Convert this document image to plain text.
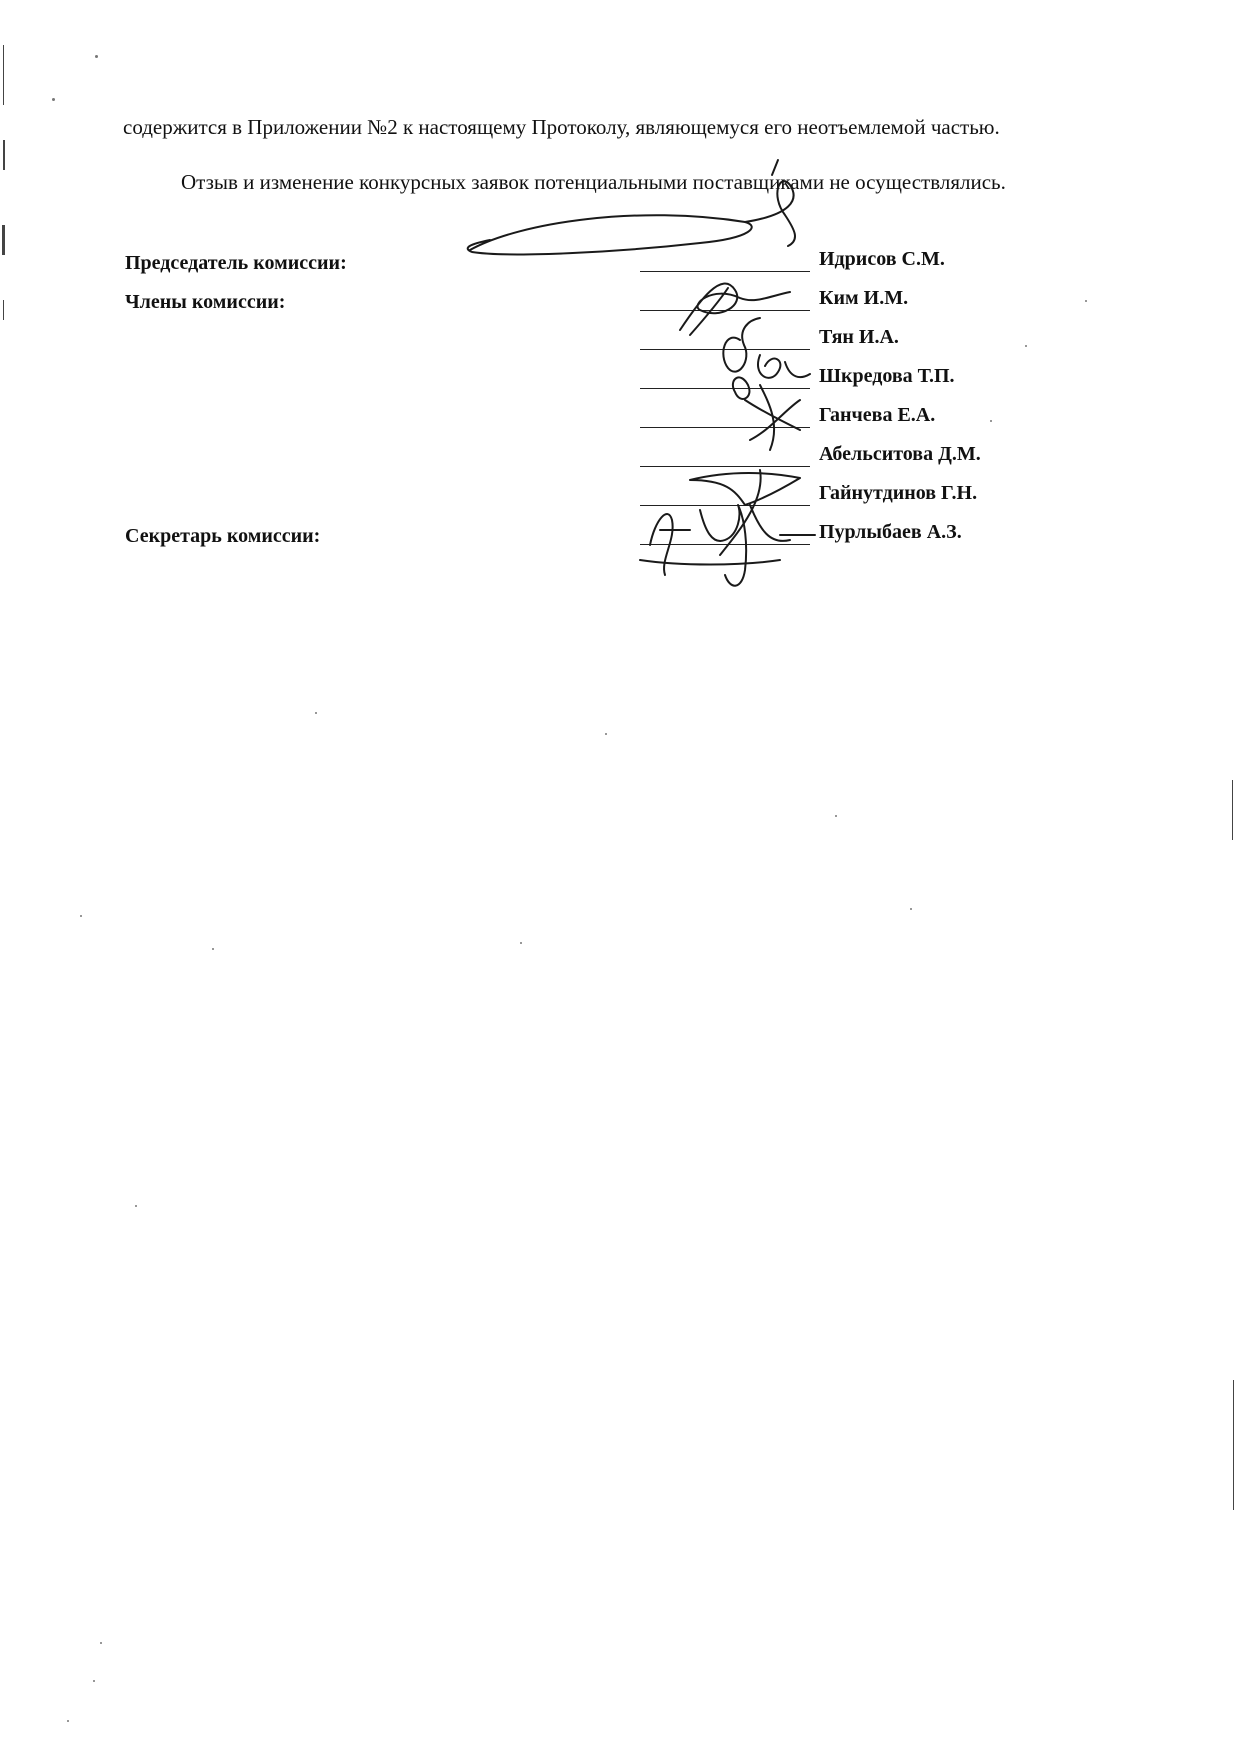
содержится в Приложении №2 к настоящему Протоколу, являющемуся его неотъемлемой частью.
Отзыв и изменение конкурсных заявок потенциальными поставщиками не осуществлялись.
Председатель комиссии:
Члены комиссии:
Секретарь комиссии:
Идрисов С.М.
Ким И.М.
Тян И.А.
Шкредова Т.П.
Ганчева Е.А.
Абельситова Д.М.
Гайнутдинов Г.Н.
Пурлыбаев А.З.
